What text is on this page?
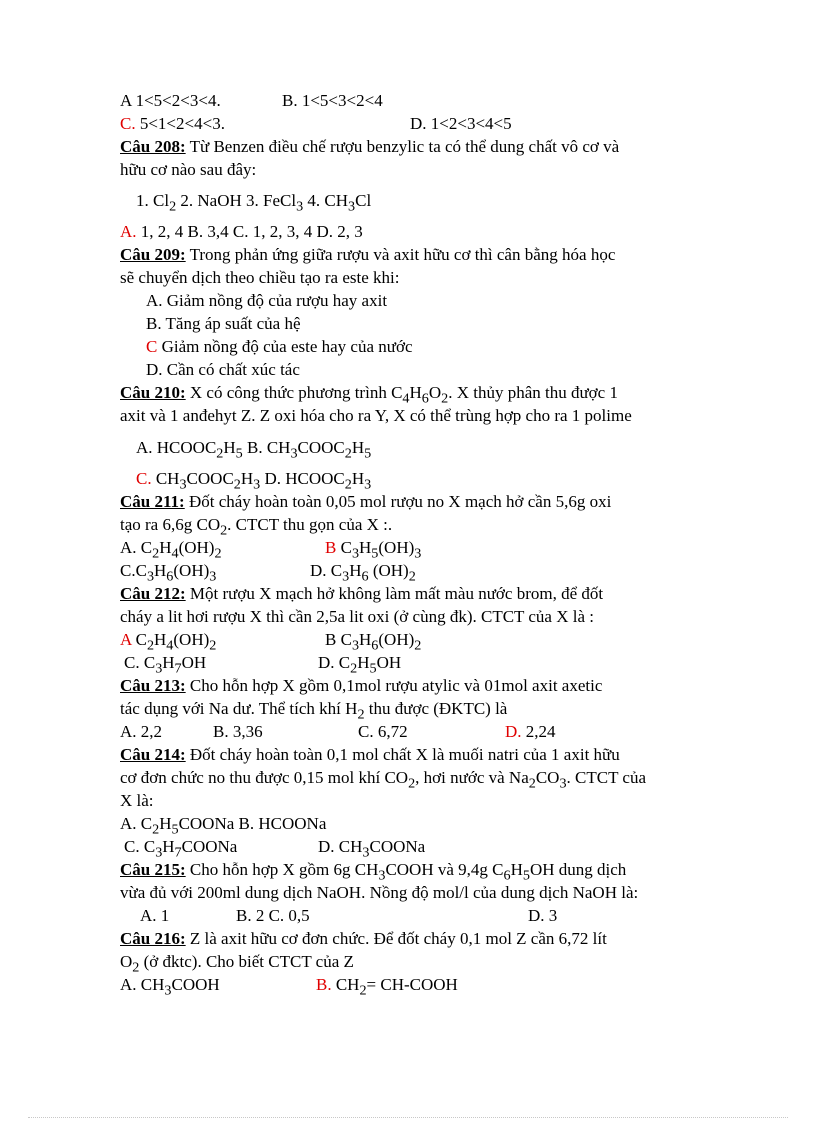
A 1<5<2<3<4.	B. 1<5<3<2<4
C. 5<1<2<4<3.	D. 1<2<3<4<5
Câu 208: Từ Benzen điều chế rượu benzylic ta có thể dung chất vô cơ và
hữu cơ nào sau đây:
1. $Cl_2$ 2. NaOH 3. FeCl$_3$ 4. $CH_3Cl$
A. 1, 2, 4 B. 3,4 C. 1, 2, 3, 4 D. 2, 3
Câu 209: Trong phản ứng giữa rượu và axit hữu cơ thì cân bằng hóa học
sẽ chuyển dịch theo chiều tạo ra este khi:
A. Giảm nồng độ của rượu hay axit
B. Tăng áp suất của hệ
C Giảm nồng độ của este hay của nước
D. Cần có chất xúc tác
Câu 210: X có công thức phương trình $C_4H_6O_2$. X thủy phân thu được 1
axit và 1 anđehyt Z. Z oxi hóa cho ra Y, X có thể trùng hợp cho ra 1 polime
A. $HCOOC_2H_5$ B. $CH_3COOC_2H_5$
C. $CH_3COOC_2H_3$ D. $HCOOC_2H_3$
Câu 211: Đốt cháy hoàn toàn 0,05 mol rượu no X mạch hở cần 5,6g oxi
tạo ra 6,6g $CO_2$. CTCT thu gọn của X :.
A. $C_2H_4(OH)_2$	B $C_3H_5(OH)_3$
$C.C_3H_6(OH)_3$	D. $C_3H_6$ $(OH)_2$
Câu 212: Một rượu X mạch hở không làm mất màu nước brom, để đốt
cháy a lit hơi rượu X thì cần 2,5a lit oxi (ở cùng đk). CTCT của X là :
A $C_2H_4(OH)_2$	B $C_3H_6(OH)_2$
C. $C_3H_7OH$	D. $C_2H_5OH$
Câu 213: Cho hỗn hợp X gồm 0,1mol rượu atylic và 01mol axit axetic
tác dụng với Na dư. Thể tích khí $H_2$ thu được (ĐKTC) là
A. 2,2	B. 3,36	C. 6,72	D. 2,24
Câu 214: Đốt cháy hoàn toàn 0,1 mol chất X là muối natri của 1 axit hữu
cơ đơn chức no thu được 0,15 mol khí $CO_2$, hơi nước và $Na_2CO_3$. CTCT của
X là:
A. $C_2H_5COONa$ B. HCOONa
C. $C_3H_7COONa$	D. $CH_3COONa$
Câu 215: Cho hỗn hợp X gồm 6g $CH_3COOH$ và 9,4g $C_6H_5OH$ dung dịch
vừa đủ với 200ml dung dịch NaOH. Nồng độ mol/l của dung dịch NaOH là:
A. 1	B. 2 C. 0,5	D. 3
Câu 216: Z là axit hữu cơ đơn chức. Để đốt cháy 0,1 mol Z cần 6,72 lít
$O_2$ (ở đktc). Cho biết CTCT của Z
A. $CH_3COOH$	B. $CH_2=$ CH-COOH
